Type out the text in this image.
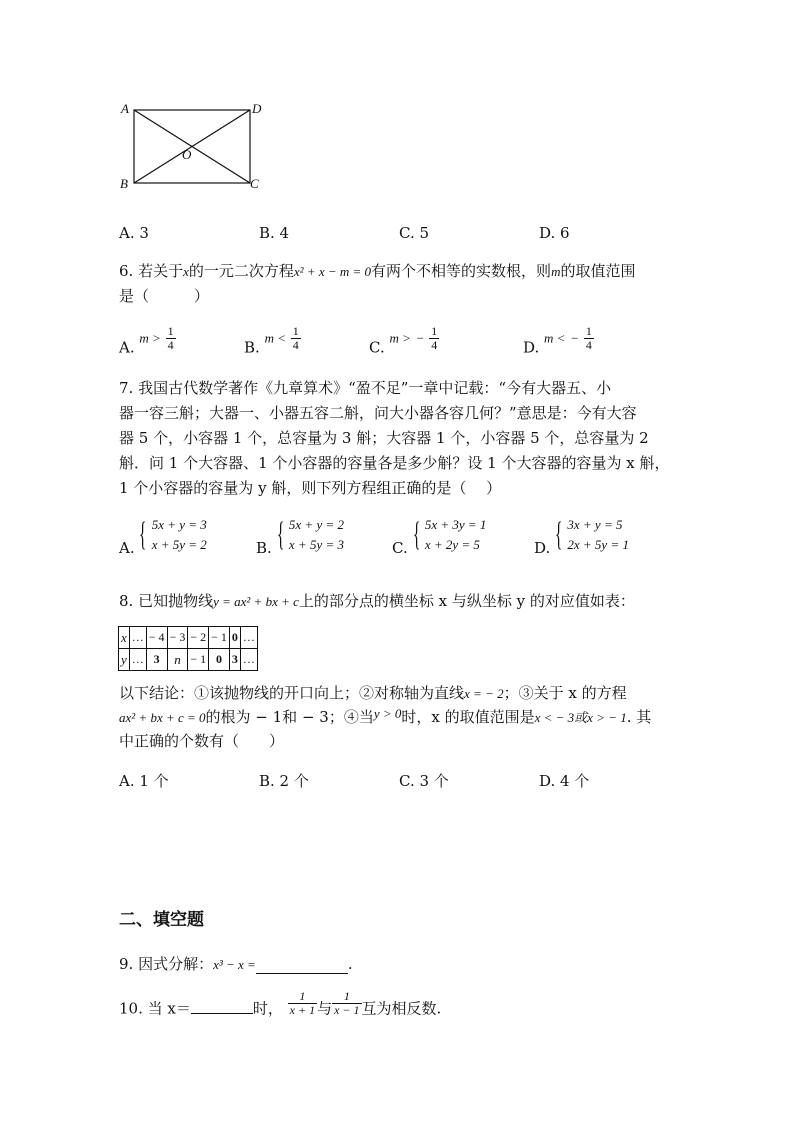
A	D
O
B	C
A. 3	B. 4	C. 5	D. 6
6. 若关于x的一元二次方程x² + x − m = 0有两个不相等的实数根，则m的取值范围
是（　　　）
A. $m > \frac{1}{4}$	B. $m < \frac{1}{4}$	C. m > − $\frac{1}{4}$	D. m < − $\frac{1}{4}$
7. 我国古代数学著作《九章算术》“盈不足”一章中记载：“今有大器五、小
器一容三斛；大器一、小器五容二斛，问大小器各容几何？”意思是：今有大容
器 5 个，小容器 1 个，总容量为 3 斛；大容器 1 个，小容器 5 个，总容量为 2
斛．问 1 个大容器、1 个小容器的容量各是多少斛？设 1 个大容器的容量为 x 斛，
1 个小容器的容量为 y 斛，则下列方程组正确的是（　 ）
A. { 5x + y = 3
x + 5y = 2	B. { 5x + y = 2
x + 5y = 3	C. { 5x + 3y = 1
x + 2y = 5	D. { 3x + y = 5
2x + 5y = 1
8. 已知抛物线y = ax² + bx + c上的部分点的横坐标 x 与纵坐标 y 的对应值如表：
x	…	− 4	− 3	− 2	− 1	0	…
y	…	3	n	− 1	0	3	…
以下结论：①该抛物线的开口向上；②对称轴为直线x = − 2；③关于 x 的方程
ax² + bx + c = 0的根为 − 1和 − 3；④当y > 0时，x 的取值范围是x < − 3或x > − 1. 其
中正确的个数有（　　）
A. 1 个	B. 2 个	C. 3 个	D. 4 个
二、填空题
9. 因式分解：x³ − x =	.
10. 当 x＝	时， $\frac{1}{x + 1}$ 与 $\frac{1}{x - 1}$ 互为相反数.
